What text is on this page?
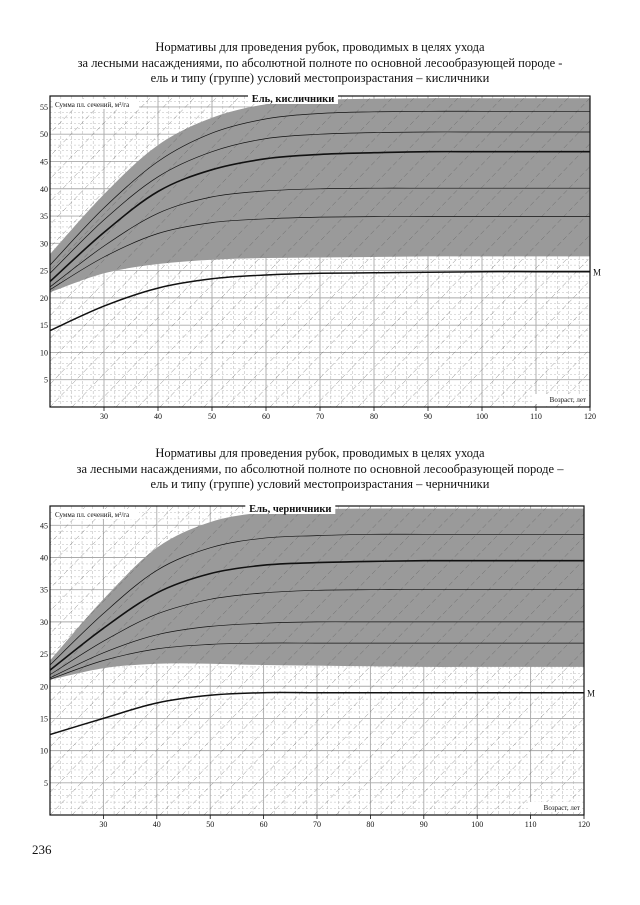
Нормативы для проведения рубок, проводимых в целях ухода
за лесными насаждениями, по абсолютной полноте по основной лесообразующей породе -
ель и типу (группе) условий местопроизрастания – кисличники
M
30	40	50	60	70	80	90	100	110	120
5
10
15
20
25
30
35
40
45
50
55
Ель, кисличники
Сумма пл. сечений, м²/га
Возраст, лет
Нормативы для проведения рубок, проводимых в целях ухода
за лесными насаждениями, по абсолютной полноте по основной лесообразующей породе –
ель и типу (группе) условий местопроизрастания – черничники
M
30	40	50	60	70	80	90	100	110	120
5
10
15
20
25
30
35
40
45
Ель, черничники
Сумма пл. сечений, м²/га
Возраст, лет
236
